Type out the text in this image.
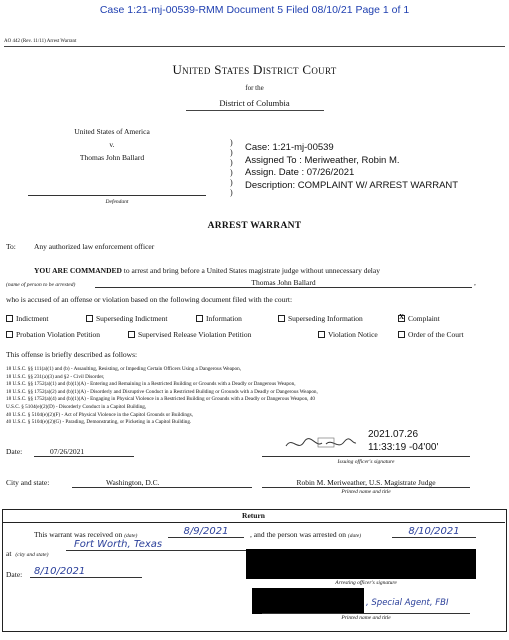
Case 1:21-mj-00539-RMM Document 5 Filed 08/10/21 Page 1 of 1
AO 442 (Rev. 11/11) Arrest Warrant
United States District Court
for the
District of Columbia
United States of America
v.
Thomas John Ballard
Defendant
)
)
)
)
)
)
Case: 1:21-mj-00539
Assigned To : Meriweather, Robin M.
Assign. Date : 07/26/2021
Description: COMPLAINT W/ ARREST WARRANT
ARREST WARRANT
To: Any authorized law enforcement officer
YOU ARE COMMANDED to arrest and bring before a United States magistrate judge without unnecessary delay
(name of person to be arrested)	Thomas John Ballard	,
who is accused of an offense or violation based on the following document filed with the court:
Indictment	Superseding Indictment	Information	Superseding Information
X	Complaint
Probation Violation Petition	Supervised Release Violation Petition	Violation Notice	Order of the Court
This offense is briefly described as follows:
18 U.S.C. §§ 111(a)(1) and (b) - Assaulting, Resisting, or Impeding Certain Officers Using a Dangerous Weapon,
18 U.S.C. §§ 231(a)(3) and §2 - Civil Disorder,
18 U.S.C. §§ 1752(a)(1) and (b)(1)(A) - Entering and Remaining in a Restricted Building or Grounds with a Deadly or Dangerous Weapon,
18 U.S.C. §§ 1752(a)(2) and (b)(1)(A) - Disorderly and Disruptive Conduct in a Restricted Building or Grounds with a Deadly or Dangerous Weapon,
18 U.S.C. §§ 1752(a)(4) and (b)(1)(A) - Engaging in Physical Violence in a Restricted Building or Grounds with a Deadly or Dangerous Weapon, 40
U.S.C. § 5104(e)(2)(D) - Disorderly Conduct in a Capitol Building,
40 U.S.C. § 5104(e)(2)(F) - Act of Physical Violence in the Capitol Grounds or Buildings,
40 U.S.C. § 5104(e)(2)(G) - Parading, Demonstrating, or Picketing in a Capitol Building.
2021.07.26
11:33:19 -04'00'
Issuing officer's signature
Date:	07/26/2021
City and state:	Washington, D.C.	Robin M. Meriweather, U.S. Magistrate Judge
Printed name and title
Return
This warrant was received on (date)	8/9/2021	, and the person was arrested on (date)	8/10/2021
at (city and state)
Fort Worth, Texas
Date:	8/10/2021
Arresting officer's signature
, Special Agent, FBI
Printed name and title
